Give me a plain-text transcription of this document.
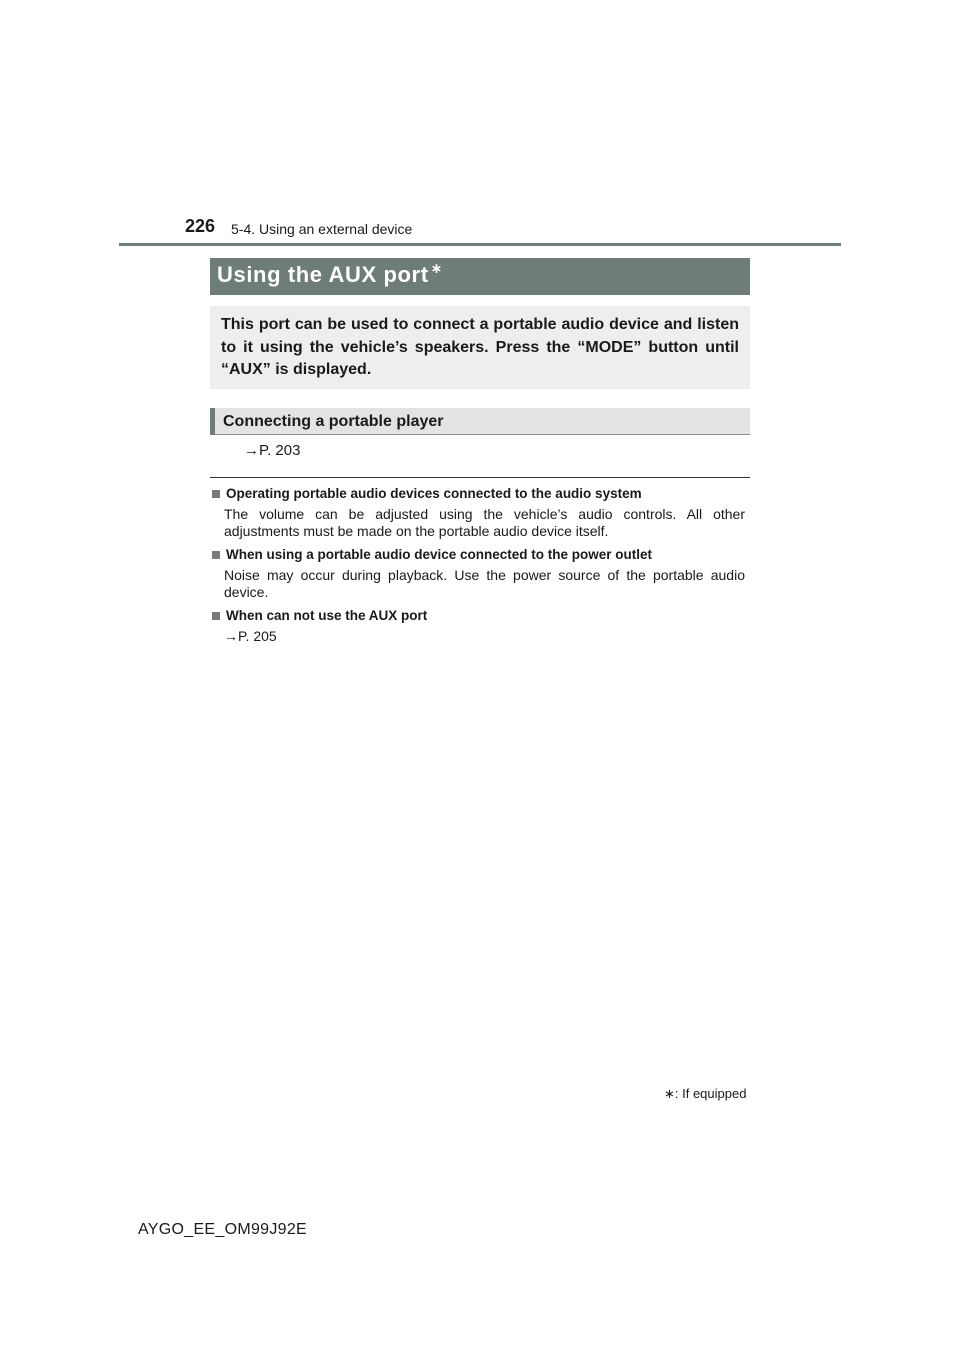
226 5-4. Using an external device
Using the AUX port ∗
This port can be used to connect a portable audio device and listen to it using the vehicle’s speakers. Press the “MODE” button until “AUX” is displayed.
Connecting a portable player
→P. 203
Operating portable audio devices connected to the audio system
The volume can be adjusted using the vehicle’s audio controls. All other adjustments must be made on the portable audio device itself.
When using a portable audio device connected to the power outlet
Noise may occur during playback. Use the power source of the portable audio device.
When can not use the AUX port
→P. 205
∗: If equipped
AYGO_EE_OM99J92E
